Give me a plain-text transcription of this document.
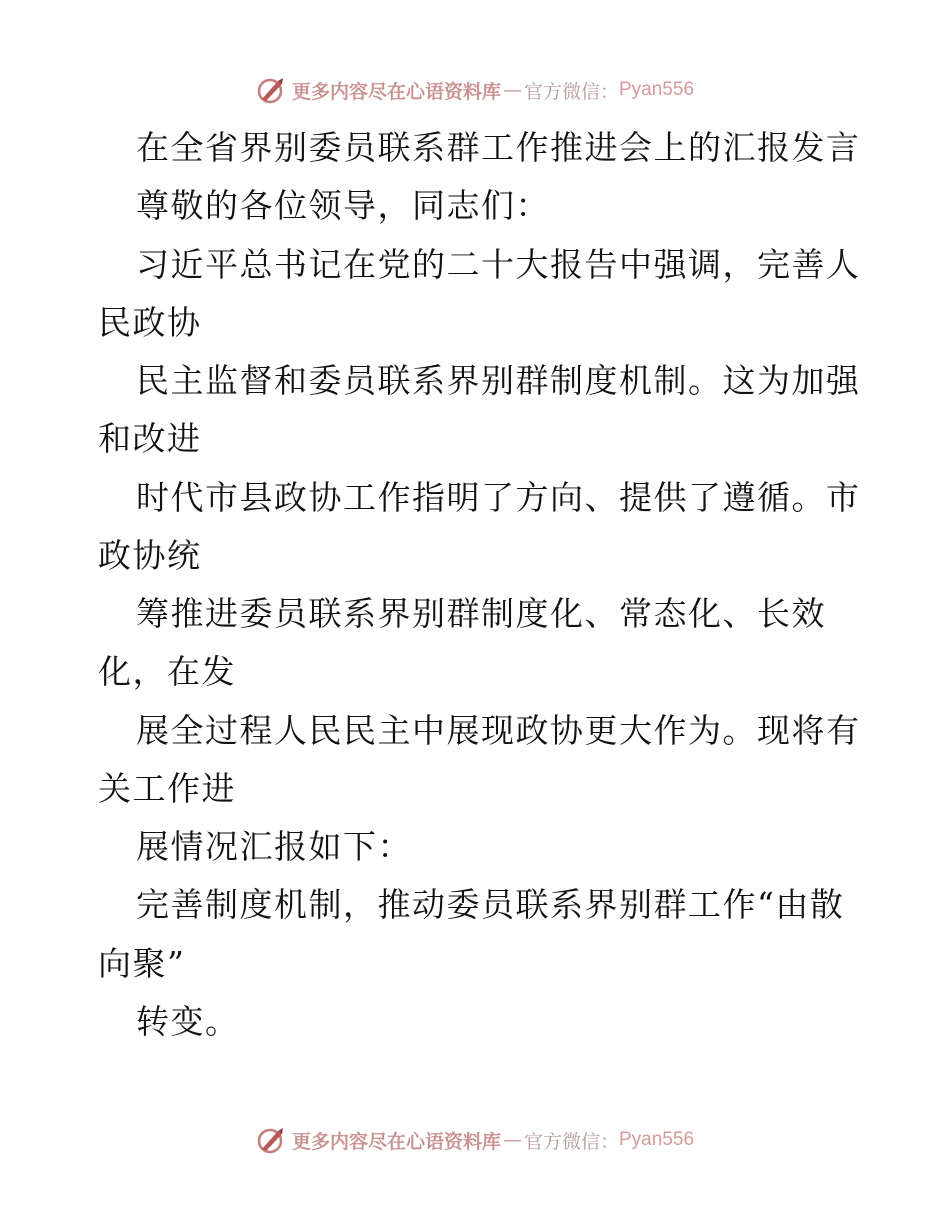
更多内容尽在心语资料库 — 官方微信： Pyan556
在全省界别委员联系群工作推进会上的汇报发言
尊敬的各位领导，同志们：
习近平总书记在党的二十大报告中强调，完善人
民政协
民主监督和委员联系界别群制度机制。这为加强
和改进
时代市县政协工作指明了方向、提供了遵循。市
政协统
筹推进委员联系界别群制度化、常态化、长效
化，在发
展全过程人民民主中展现政协更大作为。现将有
关工作进
展情况汇报如下：
完善制度机制，推动委员联系界别群工作“由散
向聚”
转变。
更多内容尽在心语资料库 — 官方微信： Pyan556
